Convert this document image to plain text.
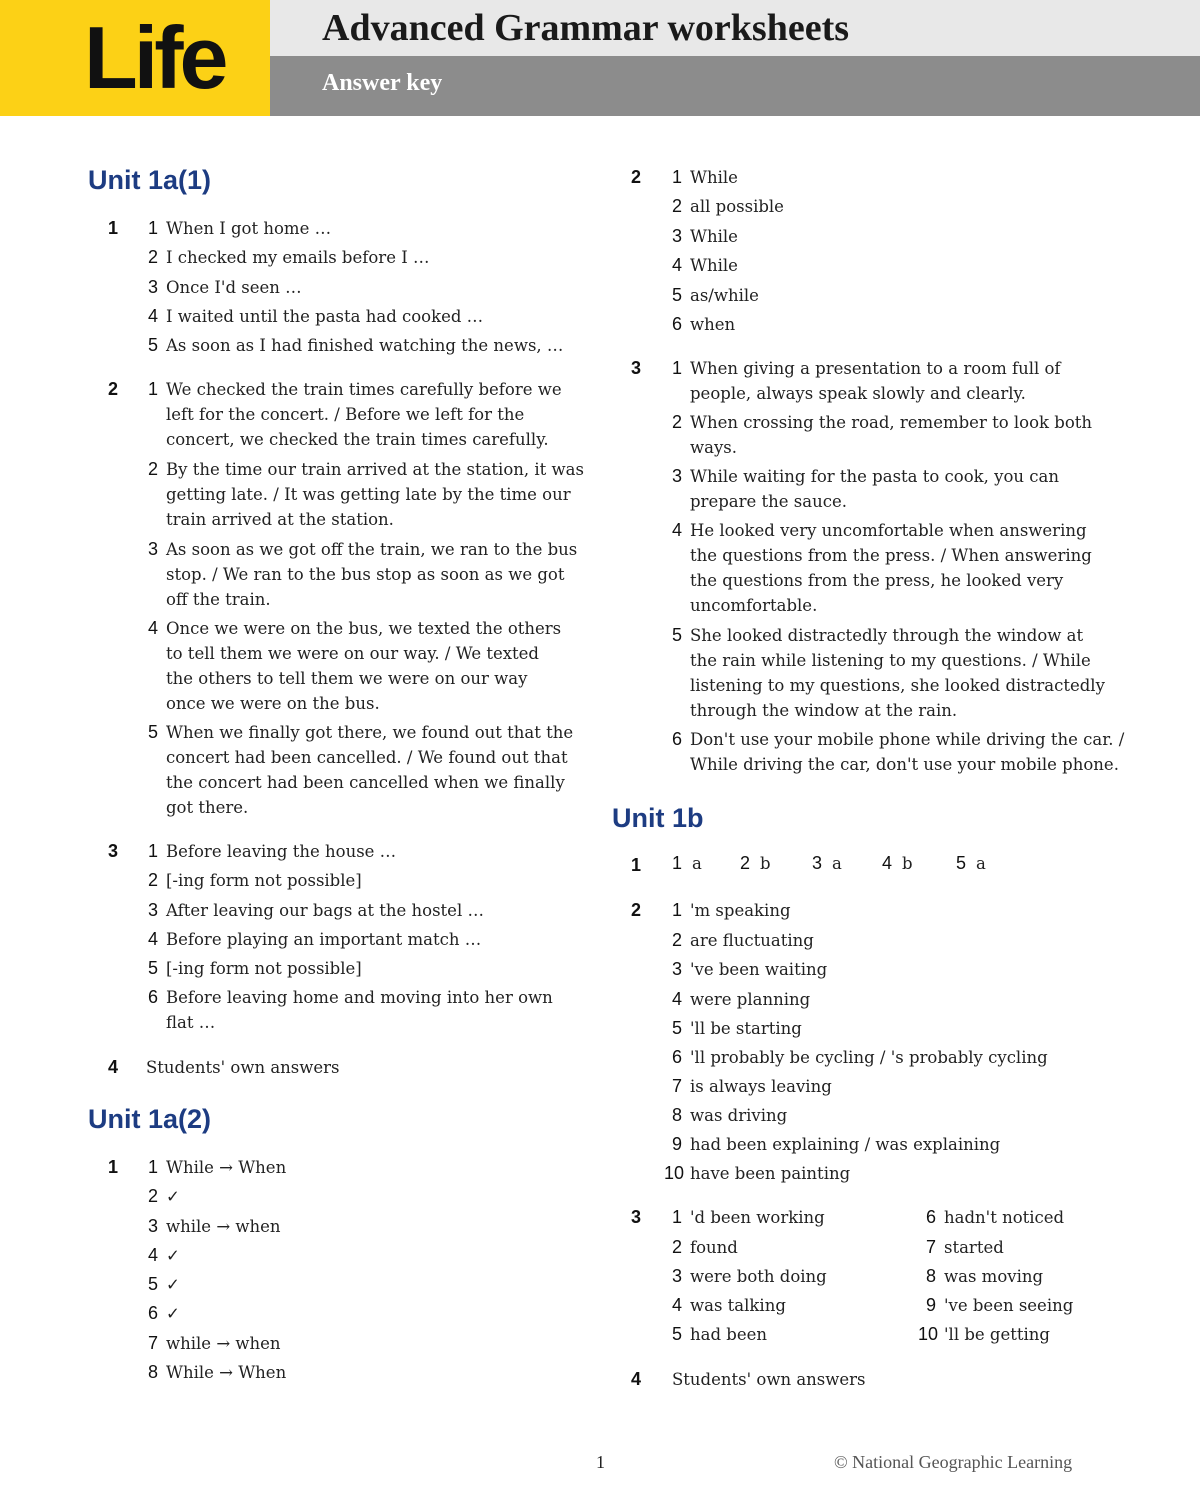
Life	Advanced Grammar worksheets
Answer key
Unit 1a(1)
1	1 When I got home …
2 I checked my emails before I …
3 Once I'd seen …
4 I waited until the pasta had cooked …
5 As soon as I had finished watching the news, …
2	1 We checked the train times carefully before we left for the concert. / Before we left for the concert, we checked the train times carefully.
2 By the time our train arrived at the station, it was getting late. / It was getting late by the time our train arrived at the station.
3 As soon as we got off the train, we ran to the bus stop. / We ran to the bus stop as soon as we got off the train.
4 Once we were on the bus, we texted the others to tell them we were on our way. / We texted the others to tell them we were on our way once we were on the bus.
5 When we finally got there, we found out that the concert had been cancelled. / We found out that the concert had been cancelled when we finally got there.
3	1 Before leaving the house …
2 [-ing form not possible]
3 After leaving our bags at the hostel …
4 Before playing an important match …
5 [-ing form not possible]
6 Before leaving home and moving into her own flat …
4 Students' own answers
Unit 1a(2)
1	1 While → When
2 ✓
3 while → when
4 ✓
5 ✓
6 ✓
7 while → when
8 While → When
2	1 While
2 all possible
3 While
4 While
5 as/while
6 when
3	1 When giving a presentation to a room full of people, always speak slowly and clearly.
2 When crossing the road, remember to look both ways.
3 While waiting for the pasta to cook, you can prepare the sauce.
4 He looked very uncomfortable when answering the questions from the press. / When answering the questions from the press, he looked very uncomfortable.
5 She looked distractedly through the window at the rain while listening to my questions. / While listening to my questions, she looked distractedly through the window at the rain.
6 Don't use your mobile phone while driving the car. / While driving the car, don't use your mobile phone.
Unit 1b
1 1 a 2 b 3 a 4 b 5 a
2	1 'm speaking
2 are fluctuating
3 've been waiting
4 were planning
5 'll be starting
6 'll probably be cycling / 's probably cycling
7 is always leaving
8 was driving
9 had been explaining / was explaining
10 have been painting
3	1 'd been working
2 found
3 were both doing
4 was talking
5 had been
6 hadn't noticed
7 started
8 was moving
9 've been seeing
10 'll be getting
4 Students' own answers
1	© National Geographic Learning
